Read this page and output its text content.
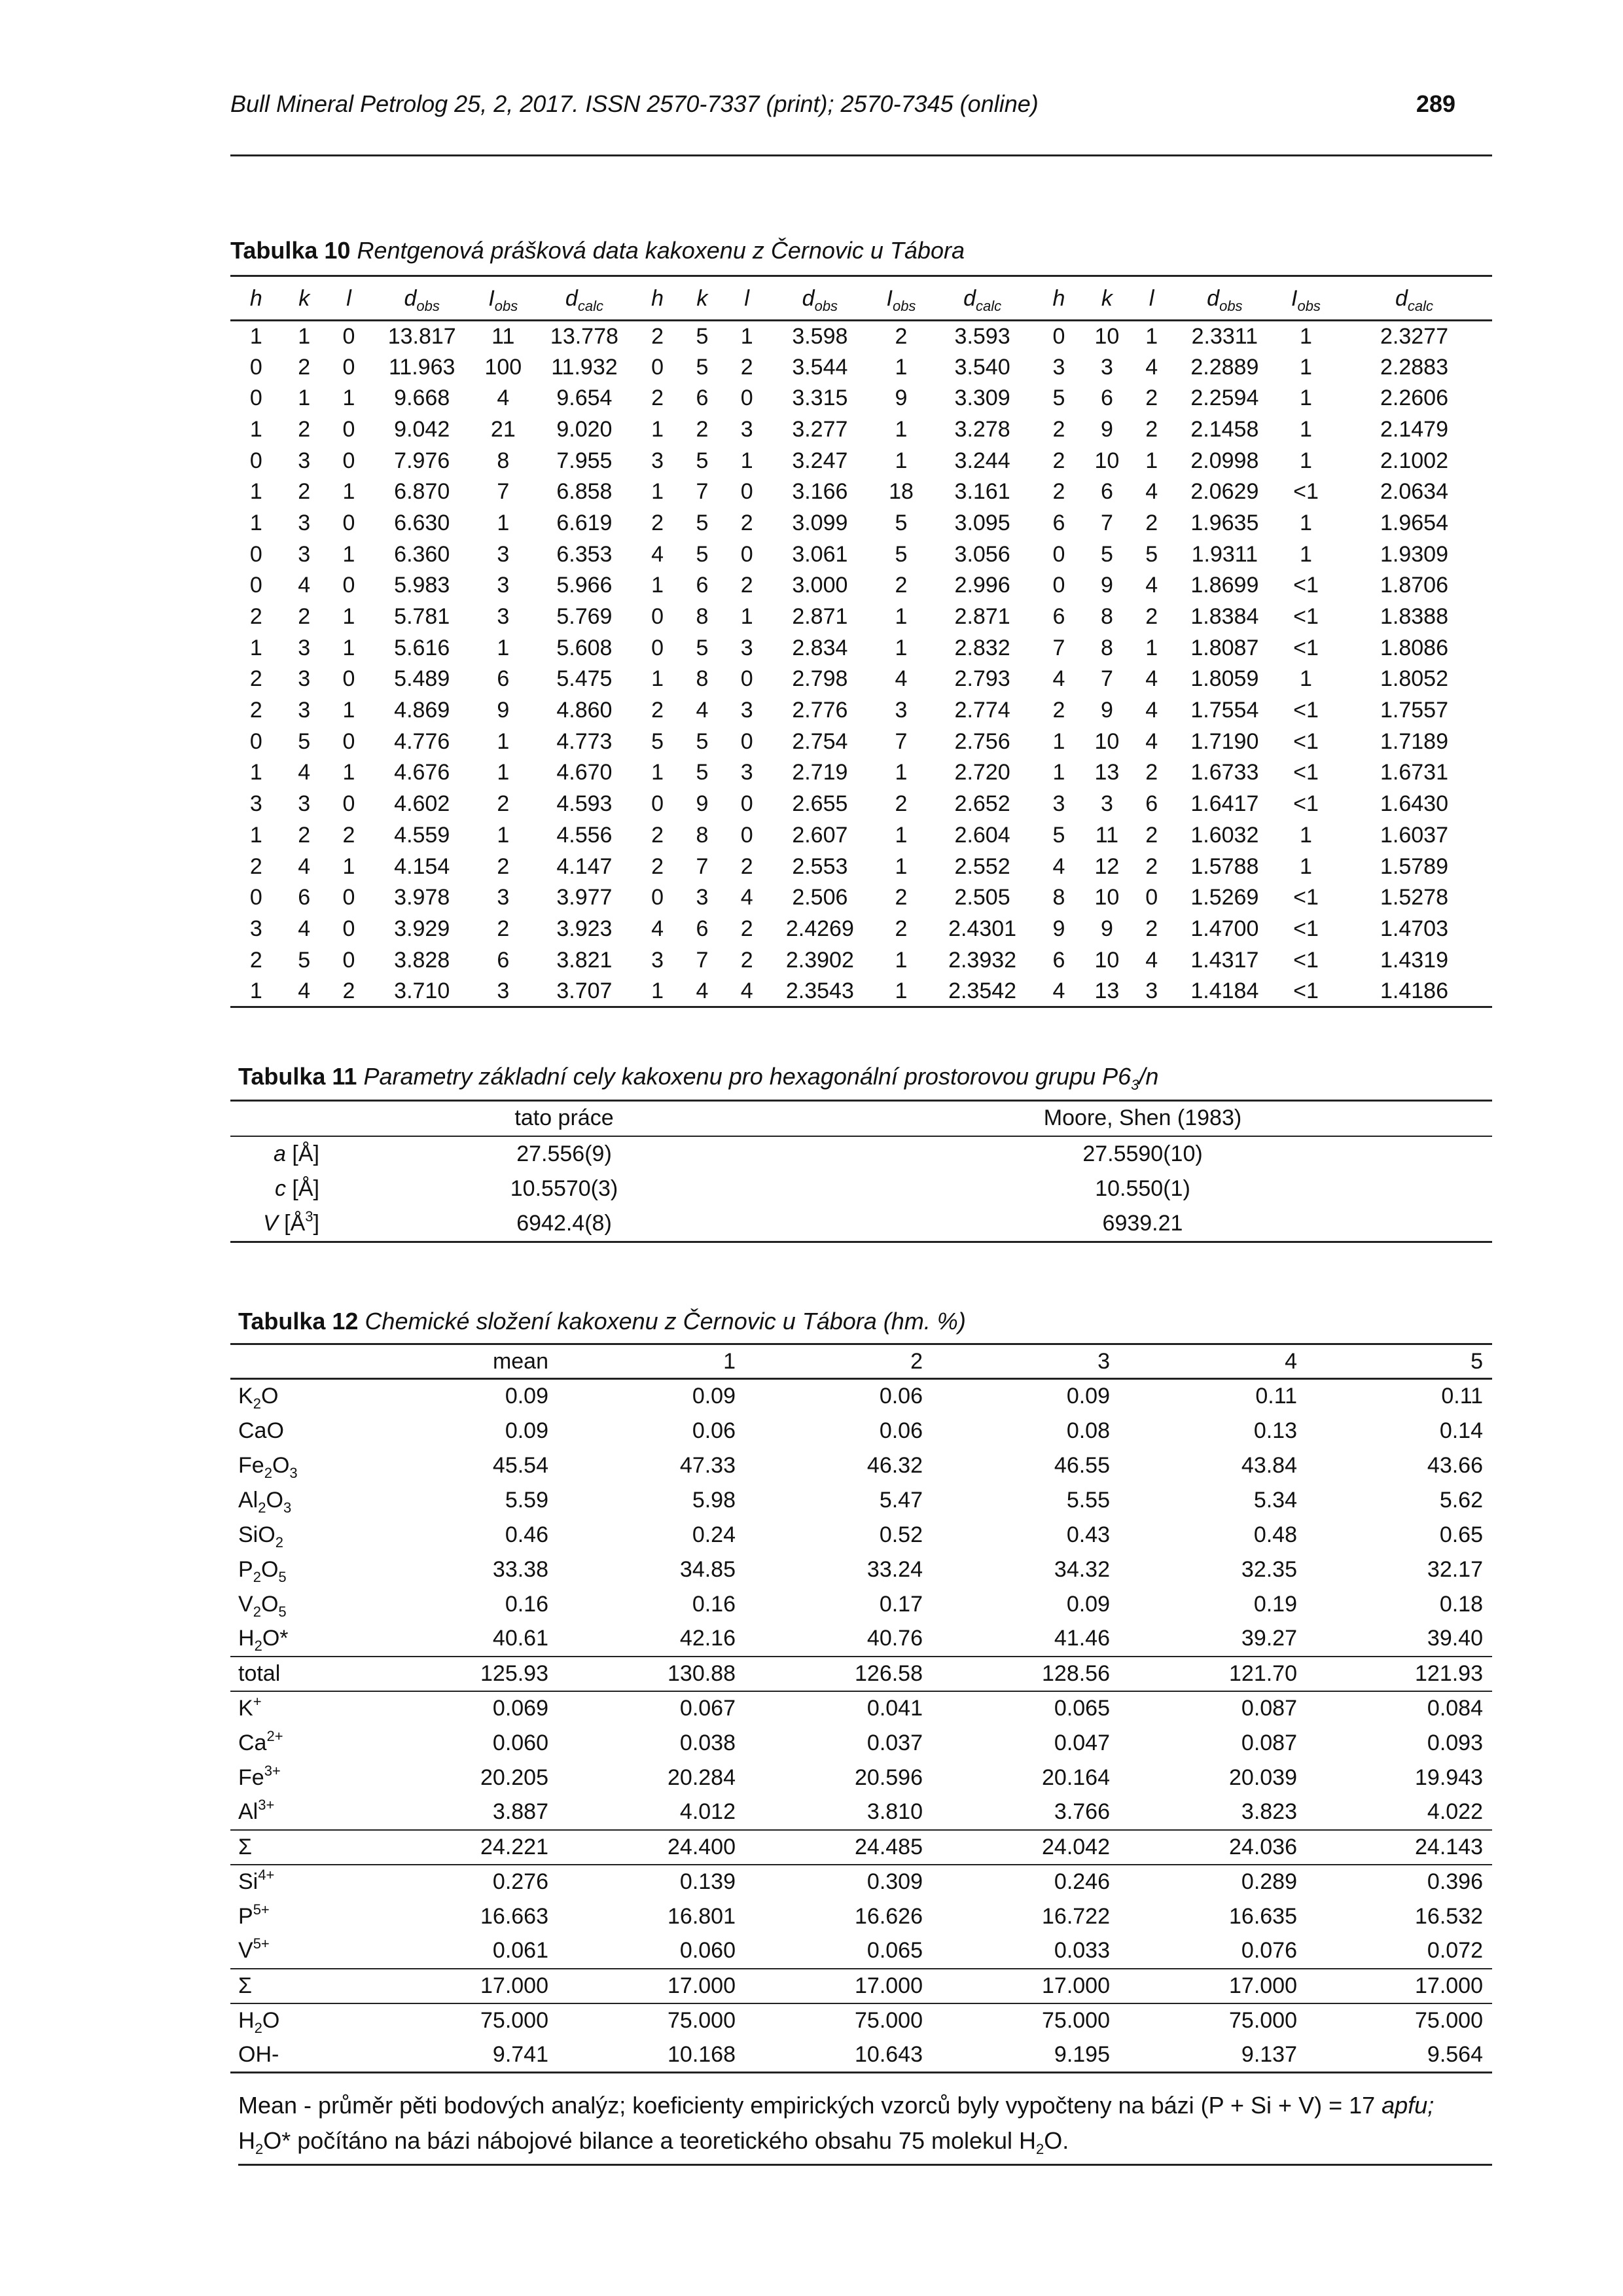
Bull Mineral Petrolog 25, 2, 2017. ISSN 2570-7337 (print); 2570-7345 (online)	289
Tabulka 10 Rentgenová prášková data kakoxenu z Černovic u Tábora
h	k	l	$d_{obs}$	$I_{obs}$	$d_{calc}$	h	k	l	$d_{obs}$	$I_{obs}$	$d_{calc}$	h	k	l	$d_{obs}$	$I_{obs}$	$d_{calc}$
1	1	0	13.817	11	13.778	2	5	1	3.598	2	3.593	0	10	1	2.3311	1	2.3277
0	2	0	11.963	100	11.932	0	5	2	3.544	1	3.540	3	3	4	2.2889	1	2.2883
0	1	1	9.668	4	9.654	2	6	0	3.315	9	3.309	5	6	2	2.2594	1	2.2606
1	2	0	9.042	21	9.020	1	2	3	3.277	1	3.278	2	9	2	2.1458	1	2.1479
0	3	0	7.976	8	7.955	3	5	1	3.247	1	3.244	2	10	1	2.0998	1	2.1002
1	2	1	6.870	7	6.858	1	7	0	3.166	18	3.161	2	6	4	2.0629	<1	2.0634
1	3	0	6.630	1	6.619	2	5	2	3.099	5	3.095	6	7	2	1.9635	1	1.9654
0	3	1	6.360	3	6.353	4	5	0	3.061	5	3.056	0	5	5	1.9311	1	1.9309
0	4	0	5.983	3	5.966	1	6	2	3.000	2	2.996	0	9	4	1.8699	<1	1.8706
2	2	1	5.781	3	5.769	0	8	1	2.871	1	2.871	6	8	2	1.8384	<1	1.8388
1	3	1	5.616	1	5.608	0	5	3	2.834	1	2.832	7	8	1	1.8087	<1	1.8086
2	3	0	5.489	6	5.475	1	8	0	2.798	4	2.793	4	7	4	1.8059	1	1.8052
2	3	1	4.869	9	4.860	2	4	3	2.776	3	2.774	2	9	4	1.7554	<1	1.7557
0	5	0	4.776	1	4.773	5	5	0	2.754	7	2.756	1	10	4	1.7190	<1	1.7189
1	4	1	4.676	1	4.670	1	5	3	2.719	1	2.720	1	13	2	1.6733	<1	1.6731
3	3	0	4.602	2	4.593	0	9	0	2.655	2	2.652	3	3	6	1.6417	<1	1.6430
1	2	2	4.559	1	4.556	2	8	0	2.607	1	2.604	5	11	2	1.6032	1	1.6037
2	4	1	4.154	2	4.147	2	7	2	2.553	1	2.552	4	12	2	1.5788	1	1.5789
0	6	0	3.978	3	3.977	0	3	4	2.506	2	2.505	8	10	0	1.5269	<1	1.5278
3	4	0	3.929	2	3.923	4	6	2	2.4269	2	2.4301	9	9	2	1.4700	<1	1.4703
2	5	0	3.828	6	3.821	3	7	2	2.3902	1	2.3932	6	10	4	1.4317	<1	1.4319
1	4	2	3.710	3	3.707	1	4	4	2.3543	1	2.3542	4	13	3	1.4184	<1	1.4186
Tabulka 11 Parametry základní cely kakoxenu pro hexagonální prostorovou grupu $P6_3/n$
	tato práce	Moore, Shen (1983)
a [Å]	27.556(9)	27.5590(10)
c [Å]	10.5570(3)	10.550(1)
V $[Å^3]$	6942.4(8)	6939.21
Tabulka 12 Chemické složení kakoxenu z Černovic u Tábora (hm. %)
	mean	1	2	3	4	5
$K_2O$	0.09	0.09	0.06	0.09	0.11	0.11
CaO	0.09	0.06	0.06	0.08	0.13	0.14
$Fe_2O_3$	45.54	47.33	46.32	46.55	43.84	43.66
$Al_2O_3$	5.59	5.98	5.47	5.55	5.34	5.62
SiO$_2$	0.46	0.24	0.52	0.43	0.48	0.65
$P_2O_5$	33.38	34.85	33.24	34.32	32.35	32.17
$V_2O_5$	0.16	0.16	0.17	0.09	0.19	0.18
$H_2O*$	40.61	42.16	40.76	41.46	39.27	39.40
total	125.93	130.88	126.58	128.56	121.70	121.93
K+	0.069	0.067	0.041	0.065	0.087	0.084
$Ca^{2+}$	0.060	0.038	0.037	0.047	0.087	0.093
$Fe^{3+}$	20.205	20.284	20.596	20.164	20.039	19.943
$Al^{3+}$	3.887	4.012	3.810	3.766	3.823	4.022
Σ	24.221	24.400	24.485	24.042	24.036	24.143
$Si^{4+}$	0.276	0.139	0.309	0.246	0.289	0.396
$P^{5+}$	16.663	16.801	16.626	16.722	16.635	16.532
$V^{5+}$	0.061	0.060	0.065	0.033	0.076	0.072
Σ	17.000	17.000	17.000	17.000	17.000	17.000
$H_2O$	75.000	75.000	75.000	75.000	75.000	75.000
OH-	9.741	10.168	10.643	9.195	9.137	9.564
Mean - průměr pěti bodových analýz; koeficienty empirických vzorců byly vypočteny na bázi (P + Si + V) = 17 apfu;
$H_2O*$ počítáno na bázi nábojové bilance a teoretického obsahu 75 molekul $H_2O$.
